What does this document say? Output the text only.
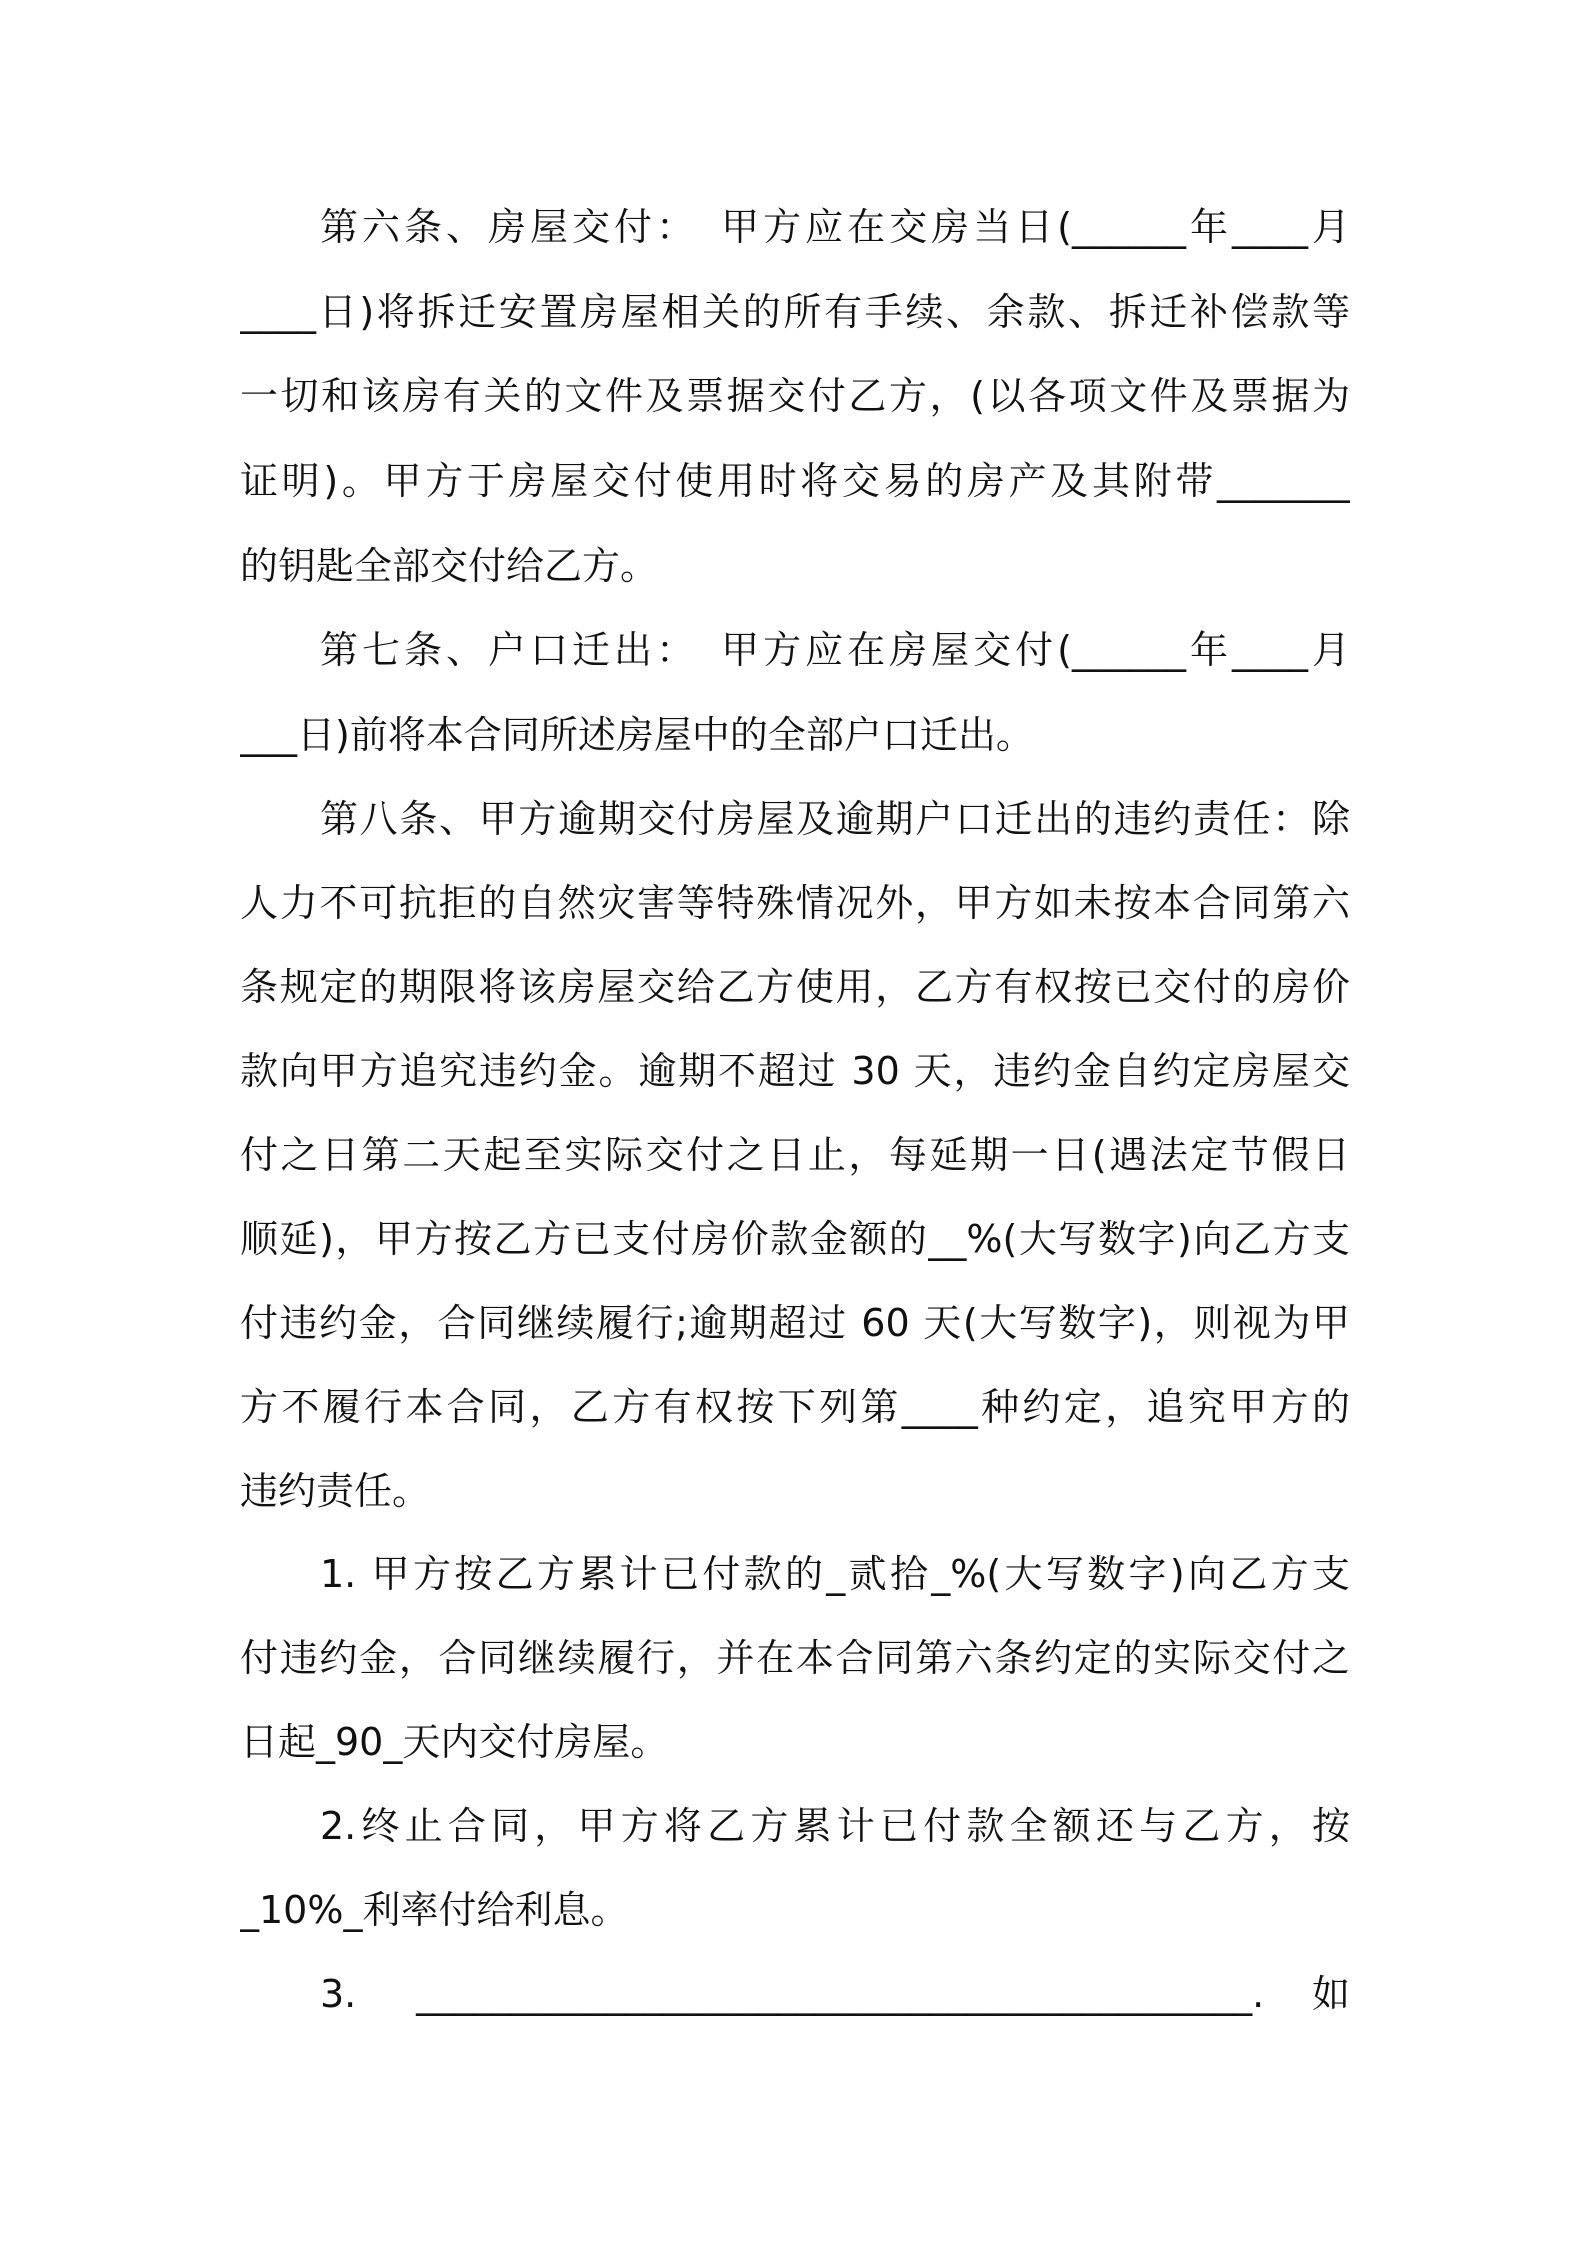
第六条、房屋交付：　甲方应在交房当日(______年____月
____日)将拆迁安置房屋相关的所有手续、余款、拆迁补偿款等
一切和该房有关的文件及票据交付乙方，(以各项文件及票据为
证明)。甲方于房屋交付使用时将交易的房产及其附带_______
的钥匙全部交付给乙方。
第七条、户口迁出：　甲方应在房屋交付(______年____月
___日)前将本合同所述房屋中的全部户口迁出。
第八条、甲方逾期交付房屋及逾期户口迁出的违约责任：除
人力不可抗拒的自然灾害等特殊情况外，甲方如未按本合同第六
条规定的期限将该房屋交给乙方使用，乙方有权按已交付的房价
款向甲方追究违约金。逾期不超过 30 天，违约金自约定房屋交
付之日第二天起至实际交付之日止，每延期一日(遇法定节假日
顺延)，甲方按乙方已支付房价款金额的__%(大写数字)向乙方支
付违约金，合同继续履行;逾期超过 60 天(大写数字)，则视为甲
方不履行本合同，乙方有权按下列第____种约定，追究甲方的
违约责任。
1. 甲方按乙方累计已付款的_贰拾_%(大写数字)向乙方支
付违约金，合同继续履行，并在本合同第六条约定的实际交付之
日起_90_天内交付房屋。
2.终止合同，甲方将乙方累计已付款全额还与乙方，按
_10%_利率付给利息。
3. ____________________________________________.如
